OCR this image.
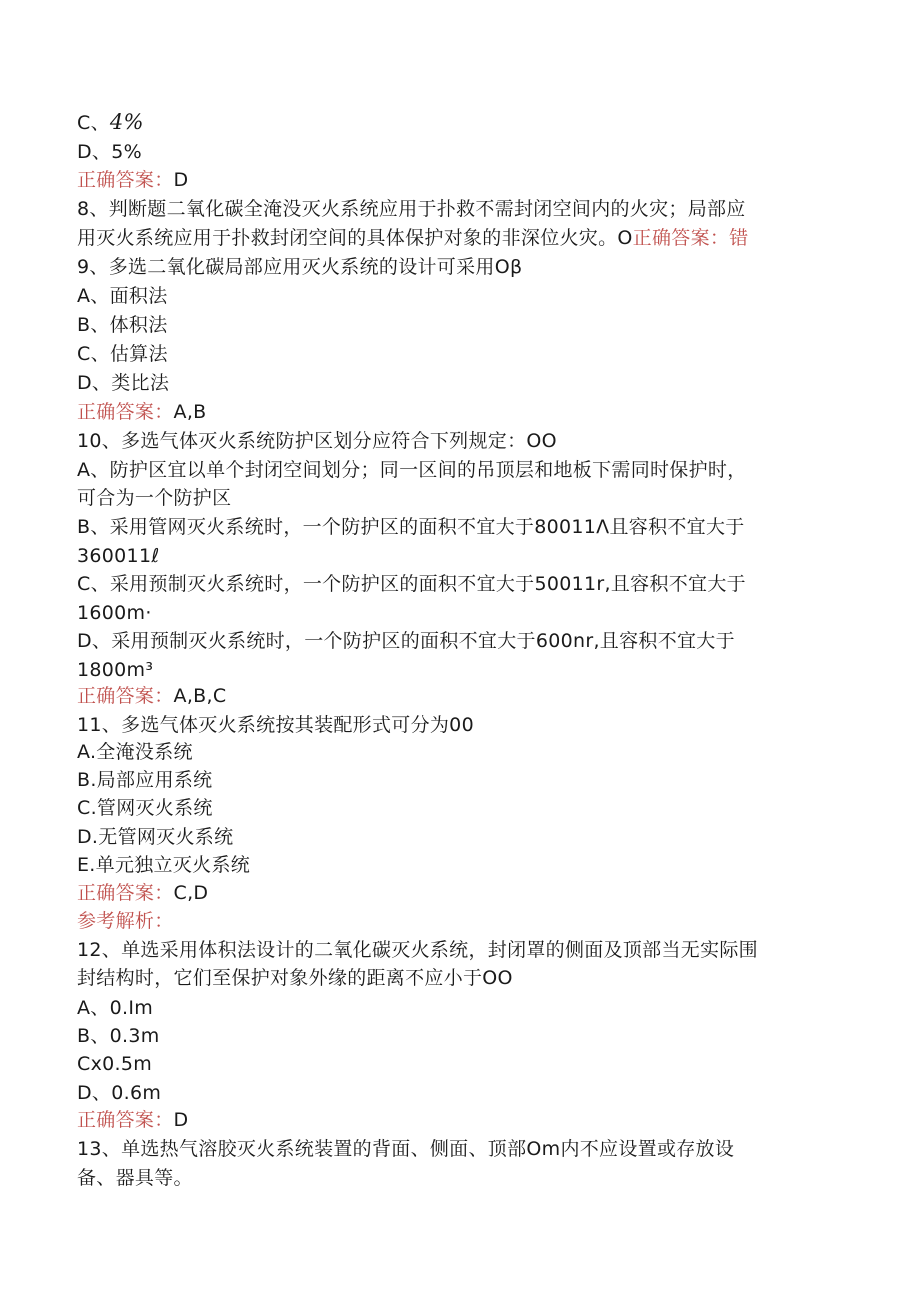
C、4%
D、5%
正确答案：D
8、判断题二氧化碳全淹没灭火系统应用于扑救不需封闭空间内的火灾；局部应
用灭火系统应用于扑救封闭空间的具体保护对象的非深位火灾。O正确答案：错
9、多选二氧化碳局部应用灭火系统的设计可采用Oβ
A、面积法
B、体积法
C、估算法
D、类比法
正确答案：A,B
10、多选气体灭火系统防护区划分应符合下列规定：OO
A、防护区宜以单个封闭空间划分；同一区间的吊顶层和地板下需同时保护时，
可合为一个防护区
B、采用管网灭火系统时，一个防护区的面积不宜大于80011Λ且容积不宜大于
360011ℓ
C、采用预制灭火系统时，一个防护区的面积不宜大于50011r,且容积不宜大于
1600m·
D、采用预制灭火系统时，一个防护区的面积不宜大于600nr,且容积不宜大于
1800m³
正确答案：A,B,C
11、多选气体灭火系统按其装配形式可分为00
A.全淹没系统
B.局部应用系统
C.管网灭火系统
D.无管网灭火系统
E.单元独立灭火系统
正确答案：C,D
参考解析：
12、单选采用体积法设计的二氧化碳灭火系统，封闭罩的侧面及顶部当无实际围
封结构时，它们至保护对象外缘的距离不应小于OO
A、0.Im
B、0.3m
Cx0.5m
D、0.6m
正确答案：D
13、单选热气溶胶灭火系统装置的背面、侧面、顶部Om内不应设置或存放设
备、器具等。
